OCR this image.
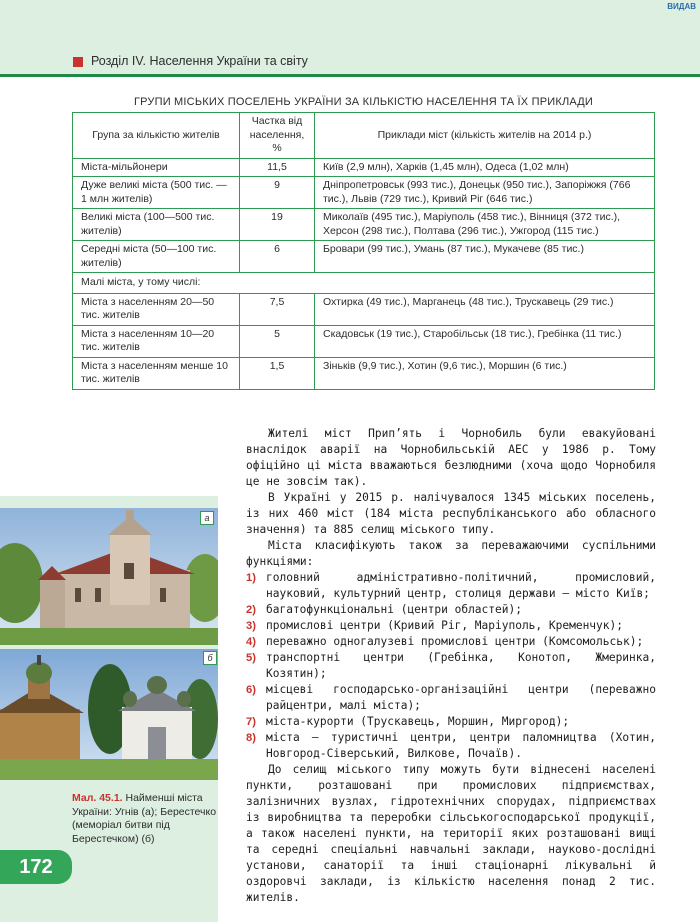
ВИДАВ
Розділ IV. Населення України та світу
ГРУПИ МІСЬКИХ ПОСЕЛЕНЬ УКРАЇНИ ЗА КІЛЬКІСТЮ НАСЕЛЕННЯ ТА ЇХ ПРИКЛАДИ
Група за кількістю жителів	Частка від населення, %	Приклади міст (кількість жителів на 2014 р.)
Міста-мільйонери	11,5	Київ (2,9 млн), Харків (1,45 млн), Одеса (1,02 млн)
Дуже великі міста (500 тис. — 1 млн жителів)	9	Дніпропетровськ (993 тис.), Донецьк (950 тис.), Запоріжжя (766 тис.), Львів (729 тис.), Кривий Ріг (646 тис.)
Великі міста (100—500 тис. жителів)	19	Миколаїв (495 тис.), Маріуполь (458 тис.), Вінниця (372 тис.), Херсон (298 тис.), Полтава (296 тис.), Ужгород (115 тис.)
Середні міста (50—100 тис. жителів)	6	Бровари (99 тис.), Умань (87 тис.), Мукачеве (85 тис.)
Малі міста, у тому числі:		
Міста з населенням 20—50 тис. жителів	7,5	Охтирка (49 тис.), Марганець (48 тис.), Трускавець (29 тис.)
Міста з населенням 10—20 тис. жителів	5	Скадовськ (19 тис.), Старобільськ (18 тис.), Гребінка (11 тис.)
Міста з населенням менше 10 тис. жителів	1,5	Зіньків (9,9 тис.), Хотин (9,6 тис.), Моршин (6 тис.)
а
б
Мал. 45.1. Найменші міста України: Угнів (а); Берестечко (меморіал битви під Берестечком) (б)
172

Жителі міст Прип’ять і Чорнобиль були евакуйовані внаслідок аварії на Чорнобильській АЕС у 1986 р. Тому офіційно ці міста вважаються безлюдними (хоча щодо Чорнобиля це не зовсім так).

В Україні у 2015 р. налічувалося 1345 міських поселень, із них 460 міст (184 міста республіканського або обласного значення) та 885 селищ міського типу.

Міста класифікують також за переважаючими суспільними функціями:

1) головний адміністративно-політичний, промисловий, науковий, культурний центр, столиця держави — місто Київ;
2) багатофункціональні (центри областей);
3) промислові центри (Кривий Ріг, Маріуполь, Кременчук);
4) переважно одногалузеві промислові центри (Комсомольськ);
5) транспортні центри (Гребінка, Конотоп, Жмеринка, Козятин);
6) місцеві господарсько-організаційні центри (переважно райцентри, малі міста);
7) міста-курорти (Трускавець, Моршин, Миргород);
8) міста — туристичні центри, центри паломництва (Хотин, Новгород-Сіверський, Вилкове, Почаїв).

До селищ міського типу можуть бути віднесені населені пункти, розташовані при промислових підприємствах, залізничних вузлах, гідротехнічних спорудах, підприємствах із виробництва та переробки сільськогосподарської продукції, а також населені пункти, на території яких розташовані вищі та середні спеціальні навчальні заклади, науково-дослідні установи, санаторії та інші стаціонарні лікувальні й оздоровчі заклади, із кількістю населення понад 2 тис. жителів.
